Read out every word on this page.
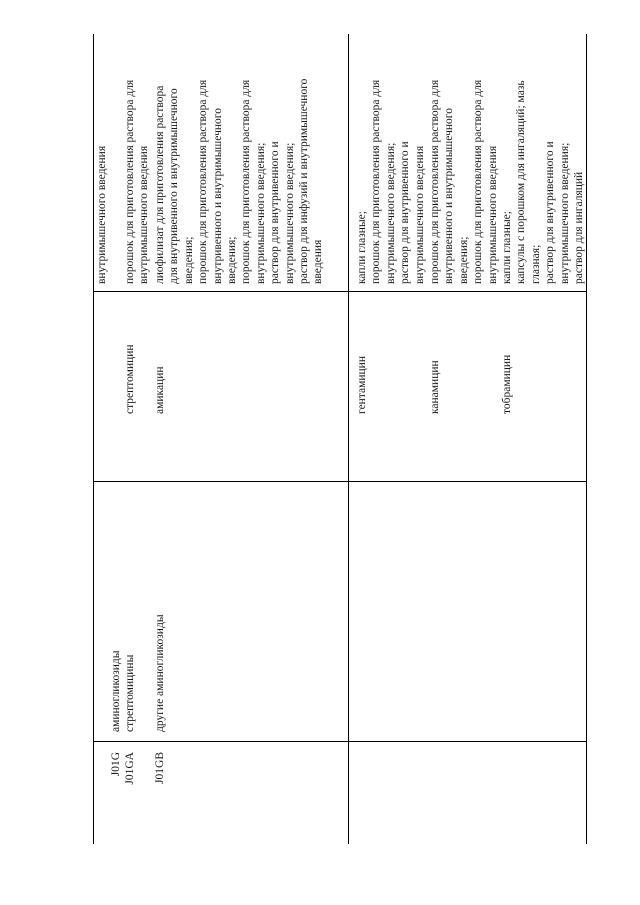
J01G J01GA J01GB
аминогликозиды стрептомицины другие аминогликозиды
стрептомицин амикацин
внутримышечного введения порошок для приготовления раствора для внутримышечного введения лиофилизат для приготовления раствора для внутривенного и внутримышечного введения; порошок для приготовления раствора для внутривенного и внутримышечного введения; порошок для приготовления раствора для внутримышечного введения; раствор для внутривенного и внутримышечного введения; раствор для инфузий и внутримышечного введения
гентамицин	канамицин	тобрамицин
капли глазные; порошок для приготовления раствора для внутримышечного введения; раствор для внутривенного и внутримышечного введения порошок для приготовления раствора для внутривенного и внутримышечного введения; порошок для приготовления раствора для внутримышечного введения капли глазные; капсулы с порошком для ингаляций; мазь глазная; раствор для внутривенного и внутримышечного введения; раствор для ингаляций
